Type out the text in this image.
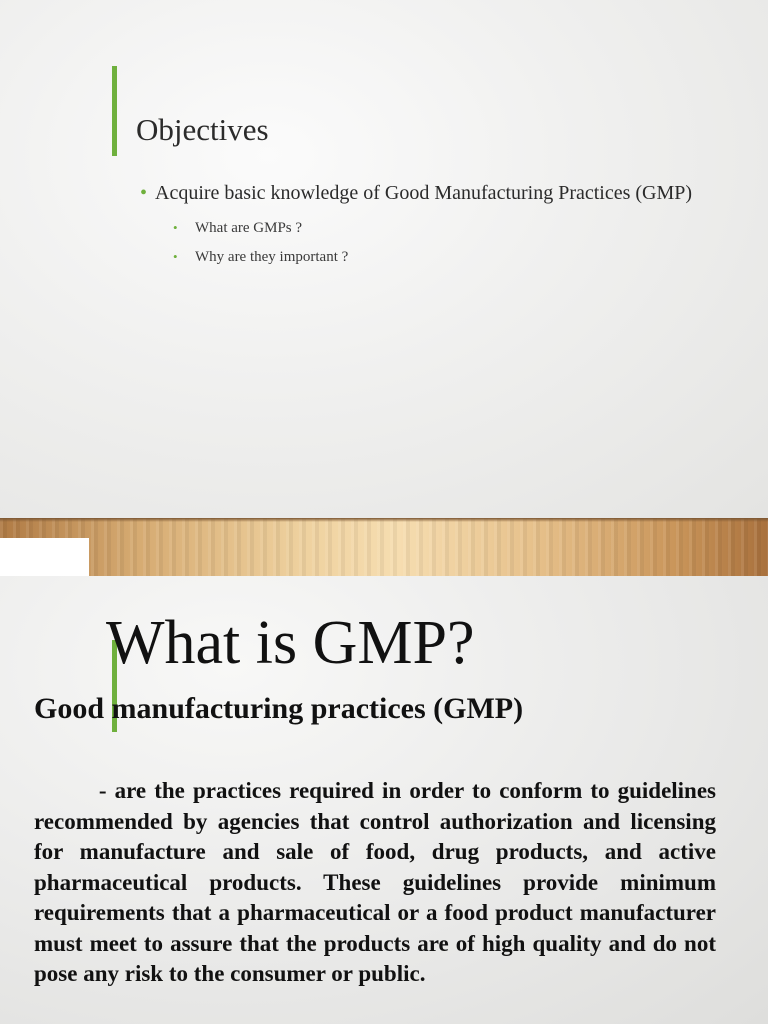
Objectives
• Acquire basic knowledge of Good Manufacturing Practices (GMP)
•	What are GMPs ?
•	Why are they important ?
What is GMP?
Good manufacturing practices (GMP)

- are the practices required in order to conform to guidelines recommended by agencies that control authorization and licensing for manufacture and sale of food, drug products, and active pharmaceutical products. These guidelines provide minimum requirements that a pharmaceutical or a food product manufacturer must meet to assure that the products are of high quality and do not pose any risk to the consumer or public.
